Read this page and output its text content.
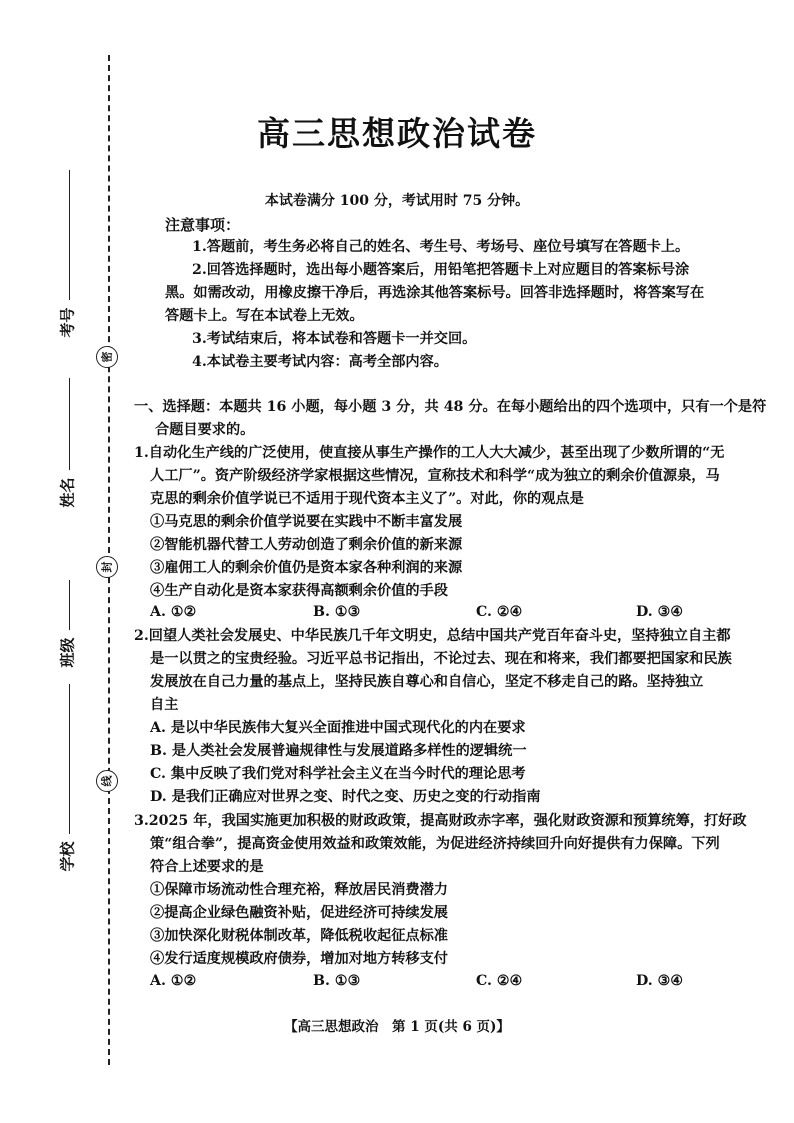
密
封
线
考号
姓名
班级
学校
高三思想政治试卷
本试卷满分 100 分，考试用时 75 分钟。
注意事项：
1.答题前，考生务必将自己的姓名、考生号、考场号、座位号填写在答题卡上。
2.回答选择题时，选出每小题答案后，用铅笔把答题卡上对应题目的答案标号涂
黑。如需改动，用橡皮擦干净后，再选涂其他答案标号。回答非选择题时，将答案写在
答题卡上。写在本试卷上无效。
3.考试结束后，将本试卷和答题卡一并交回。
4.本试卷主要考试内容：高考全部内容。
一、选择题：本题共 16 小题，每小题 3 分，共 48 分。在每小题给出的四个选项中，只有一个是符
合题目要求的。
1.自动化生产线的广泛使用，使直接从事生产操作的工人大大减少，甚至出现了少数所谓的“无
人工厂”。资产阶级经济学家根据这些情况，宣称技术和科学“成为独立的剩余价值源泉，马
克思的剩余价值学说已不适用于现代资本主义了”。对此，你的观点是
①马克思的剩余价值学说要在实践中不断丰富发展
②智能机器代替工人劳动创造了剩余价值的新来源
③雇佣工人的剩余价值仍是资本家各种利润的来源
④生产自动化是资本家获得高额剩余价值的手段
A. ①②	B. ①③	C. ②④	D. ③④
2.回望人类社会发展史、中华民族几千年文明史，总结中国共产党百年奋斗史，坚持独立自主都
是一以贯之的宝贵经验。习近平总书记指出，不论过去、现在和将来，我们都要把国家和民族
发展放在自己力量的基点上，坚持民族自尊心和自信心，坚定不移走自己的路。坚持独立
自主
A. 是以中华民族伟大复兴全面推进中国式现代化的内在要求
B. 是人类社会发展普遍规律性与发展道路多样性的逻辑统一
C. 集中反映了我们党对科学社会主义在当今时代的理论思考
D. 是我们正确应对世界之变、时代之变、历史之变的行动指南
3.2025 年，我国实施更加积极的财政政策，提高财政赤字率，强化财政资源和预算统筹，打好政
策“组合拳”，提高资金使用效益和政策效能，为促进经济持续回升向好提供有力保障。下列
符合上述要求的是
①保障市场流动性合理充裕，释放居民消费潜力
②提高企业绿色融资补贴，促进经济可持续发展
③加快深化财税体制改革，降低税收起征点标准
④发行适度规模政府债券，增加对地方转移支付
A. ①②	B. ①③	C. ②④	D. ③④
【高三思想政治　第 1 页(共 6 页)】
